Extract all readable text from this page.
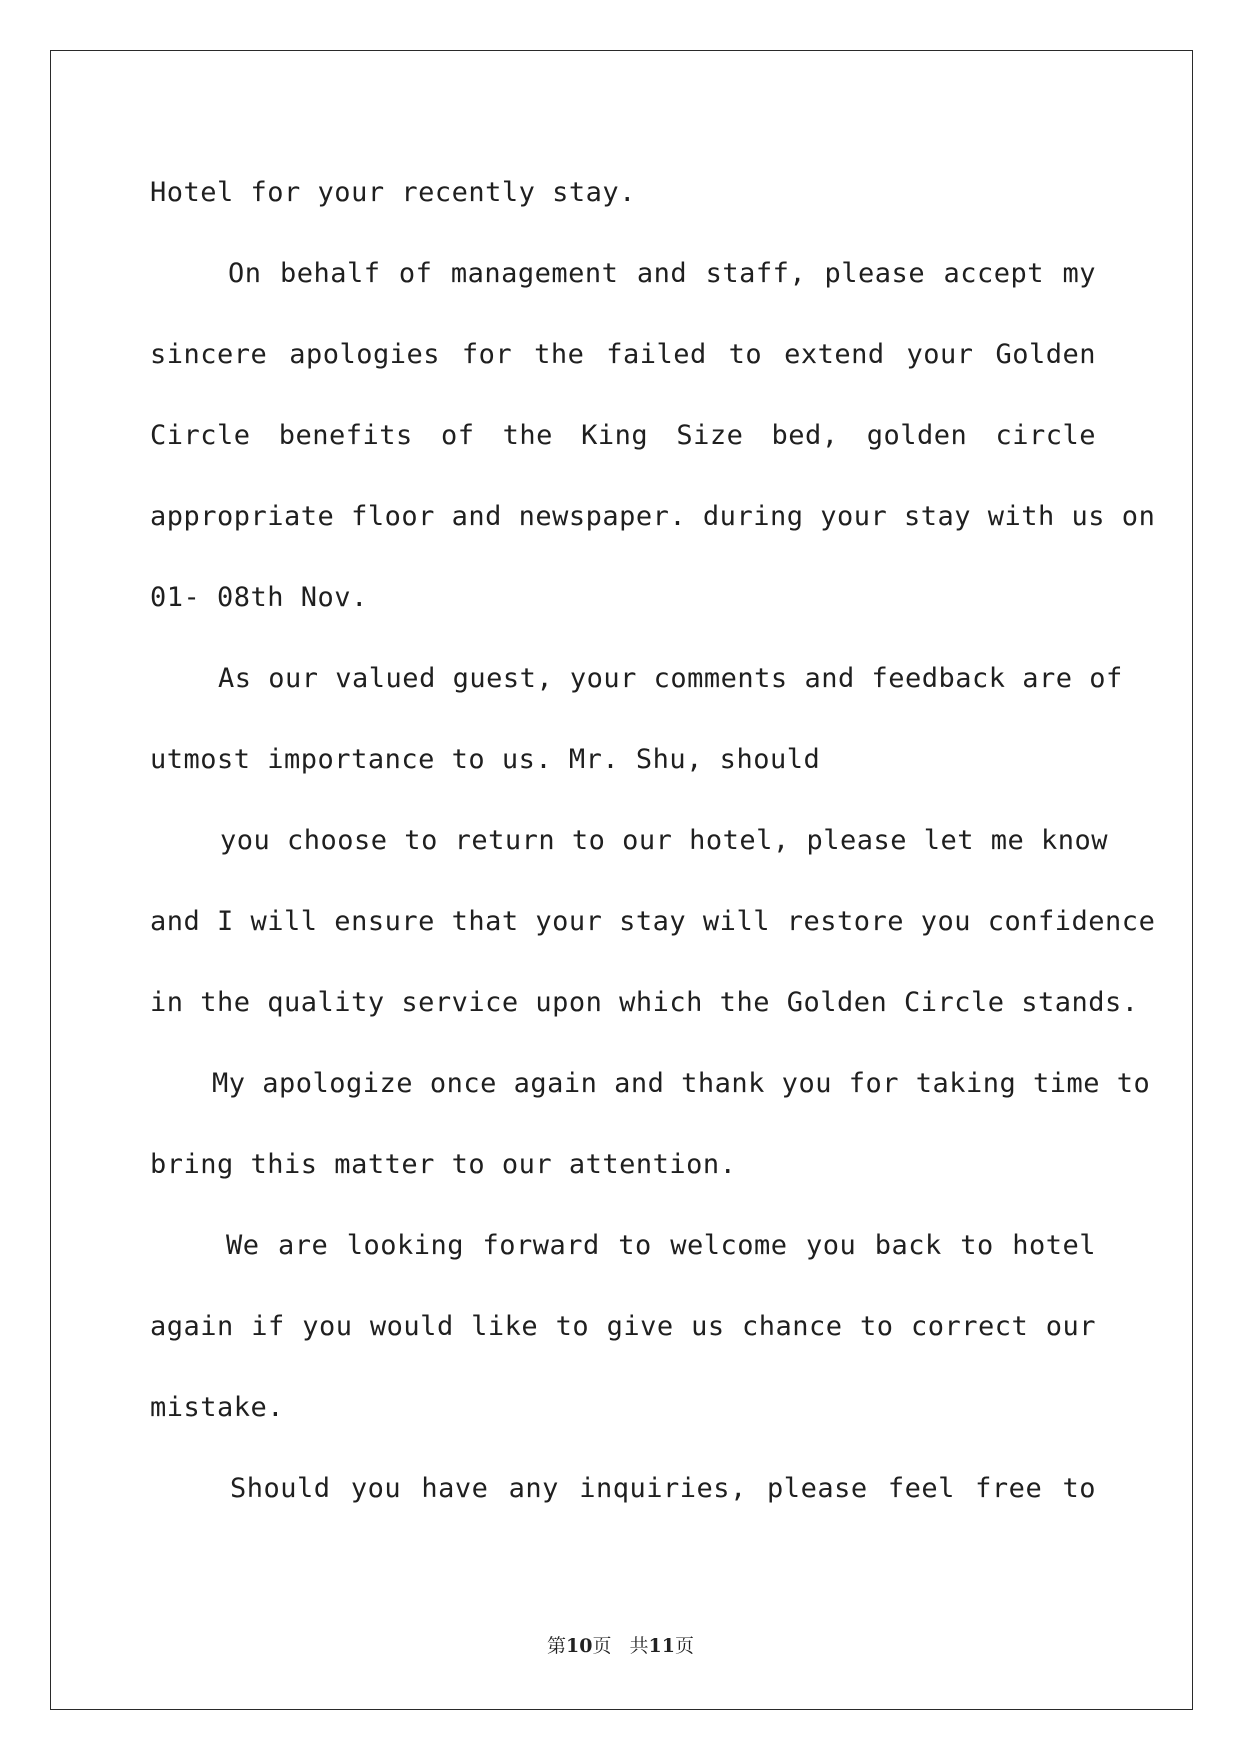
Hotel for your recently stay.
On behalf of management and staff, please accept my
sincere apologies for the failed to extend your Golden
Circle benefits of the King Size bed, golden circle
appropriate floor and newspaper. during your stay with us on
01- 08th Nov.
As our valued guest, your comments and feedback are of
utmost importance to us. Mr. Shu, should
you choose to return to our hotel, please let me know
and I will ensure that your stay will restore you confidence
in the quality service upon which the Golden Circle stands.
My apologize once again and thank you for taking time to
bring this matter to our attention.
We are looking forward to welcome you back to hotel
again if you would like to give us chance to correct our
mistake.
Should you have any inquiries, please feel free to
第10页 共11页
